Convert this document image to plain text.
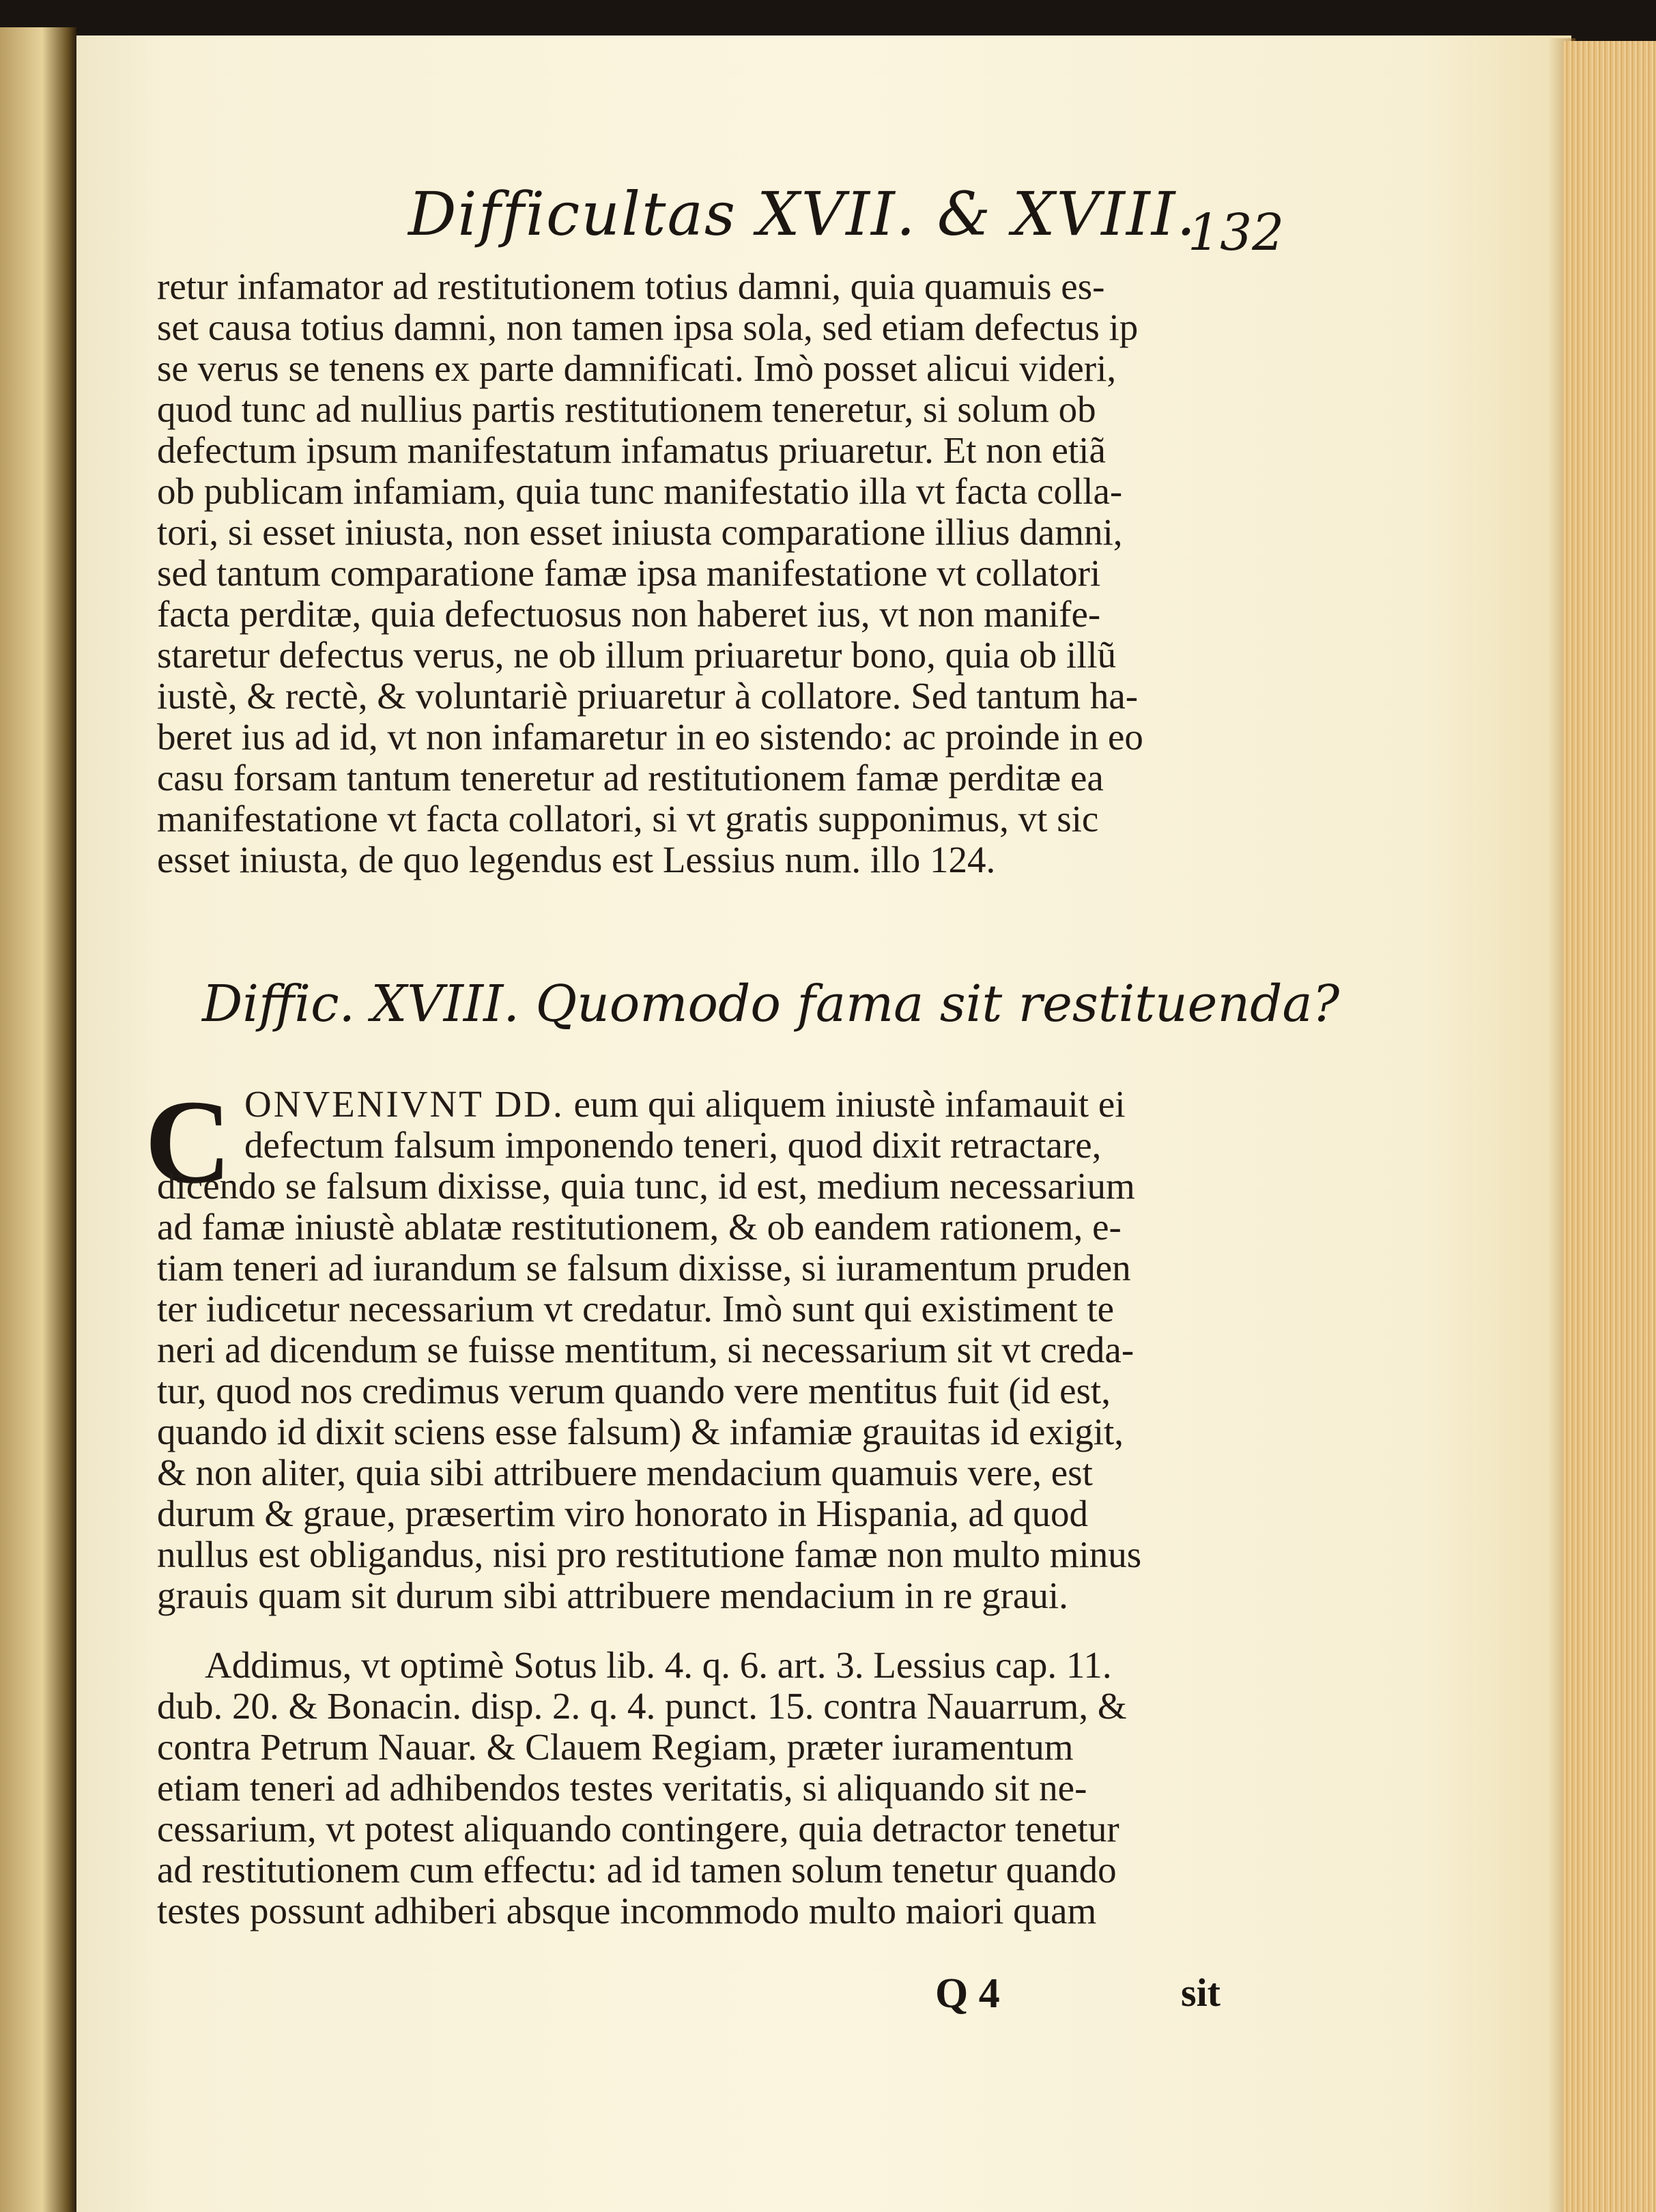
Difficultas XVII. & XVIII.
132
retur infamator ad restitutionem totius damni, quia quamuis es-
set causa totius damni, non tamen ipsa sola, sed etiam defectus ip
se verus se tenens ex parte damnificati. Imò posset alicui videri,
quod tunc ad nullius partis restitutionem teneretur, si solum ob
defectum ipsum manifestatum infamatus priuaretur. Et non etiã
ob publicam infamiam, quia tunc manifestatio illa vt facta colla-
tori, si esset iniusta, non esset iniusta comparatione illius damni,
sed tantum comparatione famæ ipsa manifestatione vt collatori
facta perditæ, quia defectuosus non haberet ius, vt non manife-
staretur defectus verus, ne ob illum priuaretur bono, quia ob illũ
iustè, & rectè, & voluntariè priuaretur à collatore. Sed tantum ha-
beret ius ad id, vt non infamaretur in eo sistendo: ac proinde in eo
casu forsam tantum teneretur ad restitutionem famæ perditæ ea
manifestatione vt facta collatori, si vt gratis supponimus, vt sic
esset iniusta, de quo legendus est Lessius num. illo 124.
Diffic. XVIII. Quomodo fama sit restituenda?
C ONVENIVNT DD. eum qui aliquem iniustè infamauit ei
defectum falsum imponendo teneri, quod dixit retractare,
dicendo se falsum dixisse, quia tunc, id est, medium necessarium
ad famæ iniustè ablatæ restitutionem, & ob eandem rationem, e-
tiam teneri ad iurandum se falsum dixisse, si iuramentum pruden
ter iudicetur necessarium vt credatur. Imò sunt qui existiment te
neri ad dicendum se fuisse mentitum, si necessarium sit vt creda-
tur, quod nos credimus verum quando vere mentitus fuit (id est,
quando id dixit sciens esse falsum) & infamiæ grauitas id exigit,
& non aliter, quia sibi attribuere mendacium quamuis vere, est
durum & graue, præsertim viro honorato in Hispania, ad quod
nullus est obligandus, nisi pro restitutione famæ non multo minus
grauis quam sit durum sibi attribuere mendacium in re graui.
Addimus, vt optimè Sotus lib. 4. q. 6. art. 3. Lessius cap. 11.
dub. 20. & Bonacin. disp. 2. q. 4. punct. 15. contra Nauarrum, &
contra Petrum Nauar. & Clauem Regiam, præter iuramentum
etiam teneri ad adhibendos testes veritatis, si aliquando sit ne-
cessarium, vt potest aliquando contingere, quia detractor tenetur
ad restitutionem cum effectu: ad id tamen solum tenetur quando
testes possunt adhiberi absque incommodo multo maiori quam
Q 4	sit
